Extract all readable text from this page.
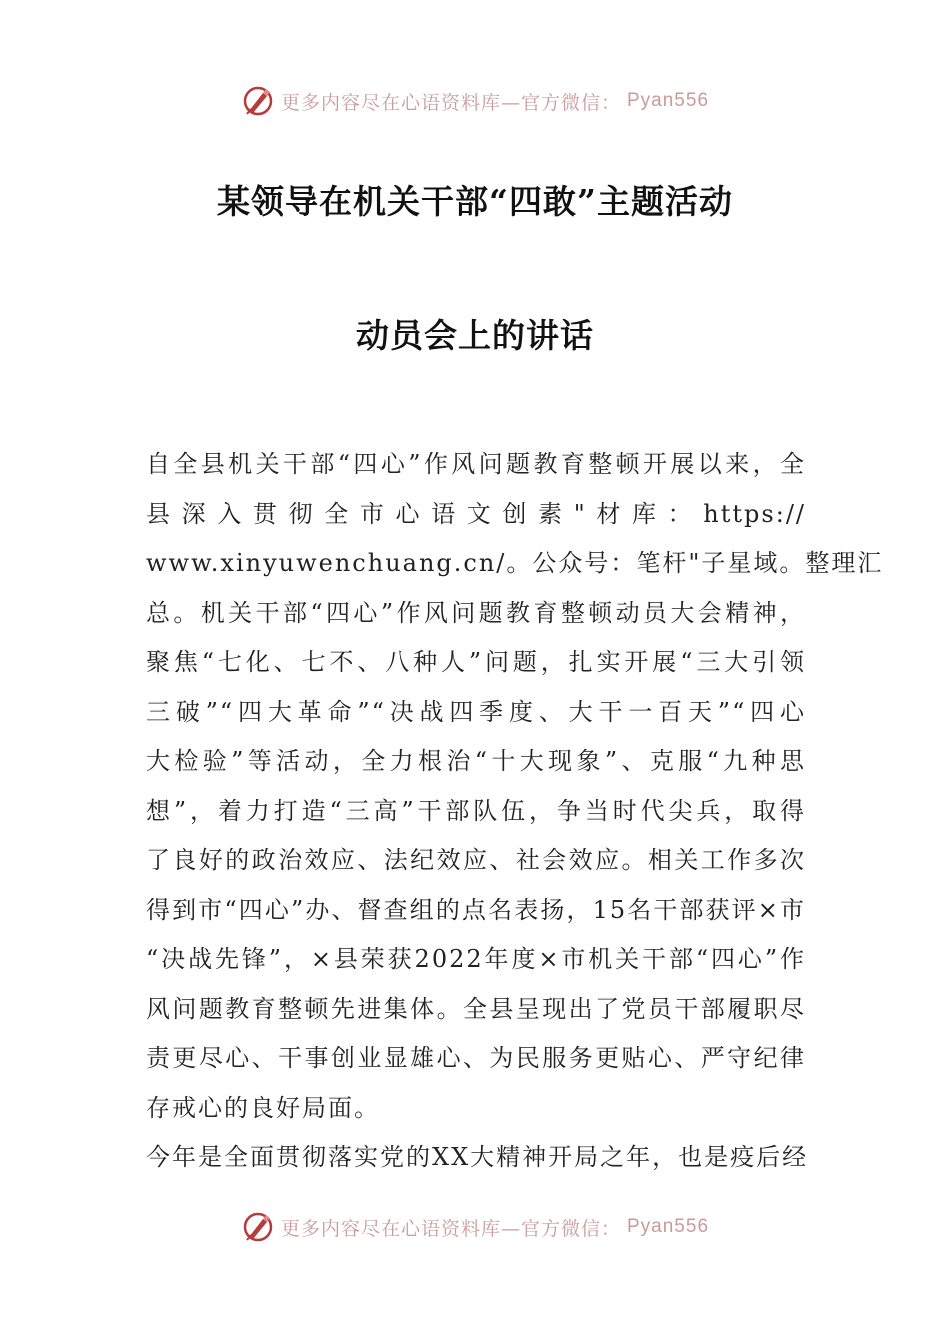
更多内容尽在心语资料库—官方微信： Pyan556
某领导在机关干部“四敢”主题活动
动员会上的讲话
自全县机关干部“四心”作风问题教育整顿开展以来，全
县 深 入 贯 彻 全 市 心 语 文 创 素 " 材 库 ： https://
www.xinyuwenchuang.cn/。公众号：笔杆"子星域。整理汇
总。机关干部“四心”作风问题教育整顿动员大会精神，
聚焦“七化、七不、八种人”问题，扎实开展“三大引领
三破”“四大革命”“决战四季度、大干一百天”“四心
大检验”等活动，全力根治“十大现象”、克服“九种思
想”，着力打造“三高”干部队伍，争当时代尖兵，取得
了良好的政治效应、法纪效应、社会效应。相关工作多次
得到市“四心”办、督查组的点名表扬，15名干部获评×市
“决战先锋”，×县荣获2022年度×市机关干部“四心”作
风问题教育整顿先进集体。全县呈现出了党员干部履职尽
责更尽心、干事创业显雄心、为民服务更贴心、严守纪律
存戒心的良好局面。
今年是全面贯彻落实党的XX大精神开局之年，也是疫后经
更多内容尽在心语资料库—官方微信： Pyan556
